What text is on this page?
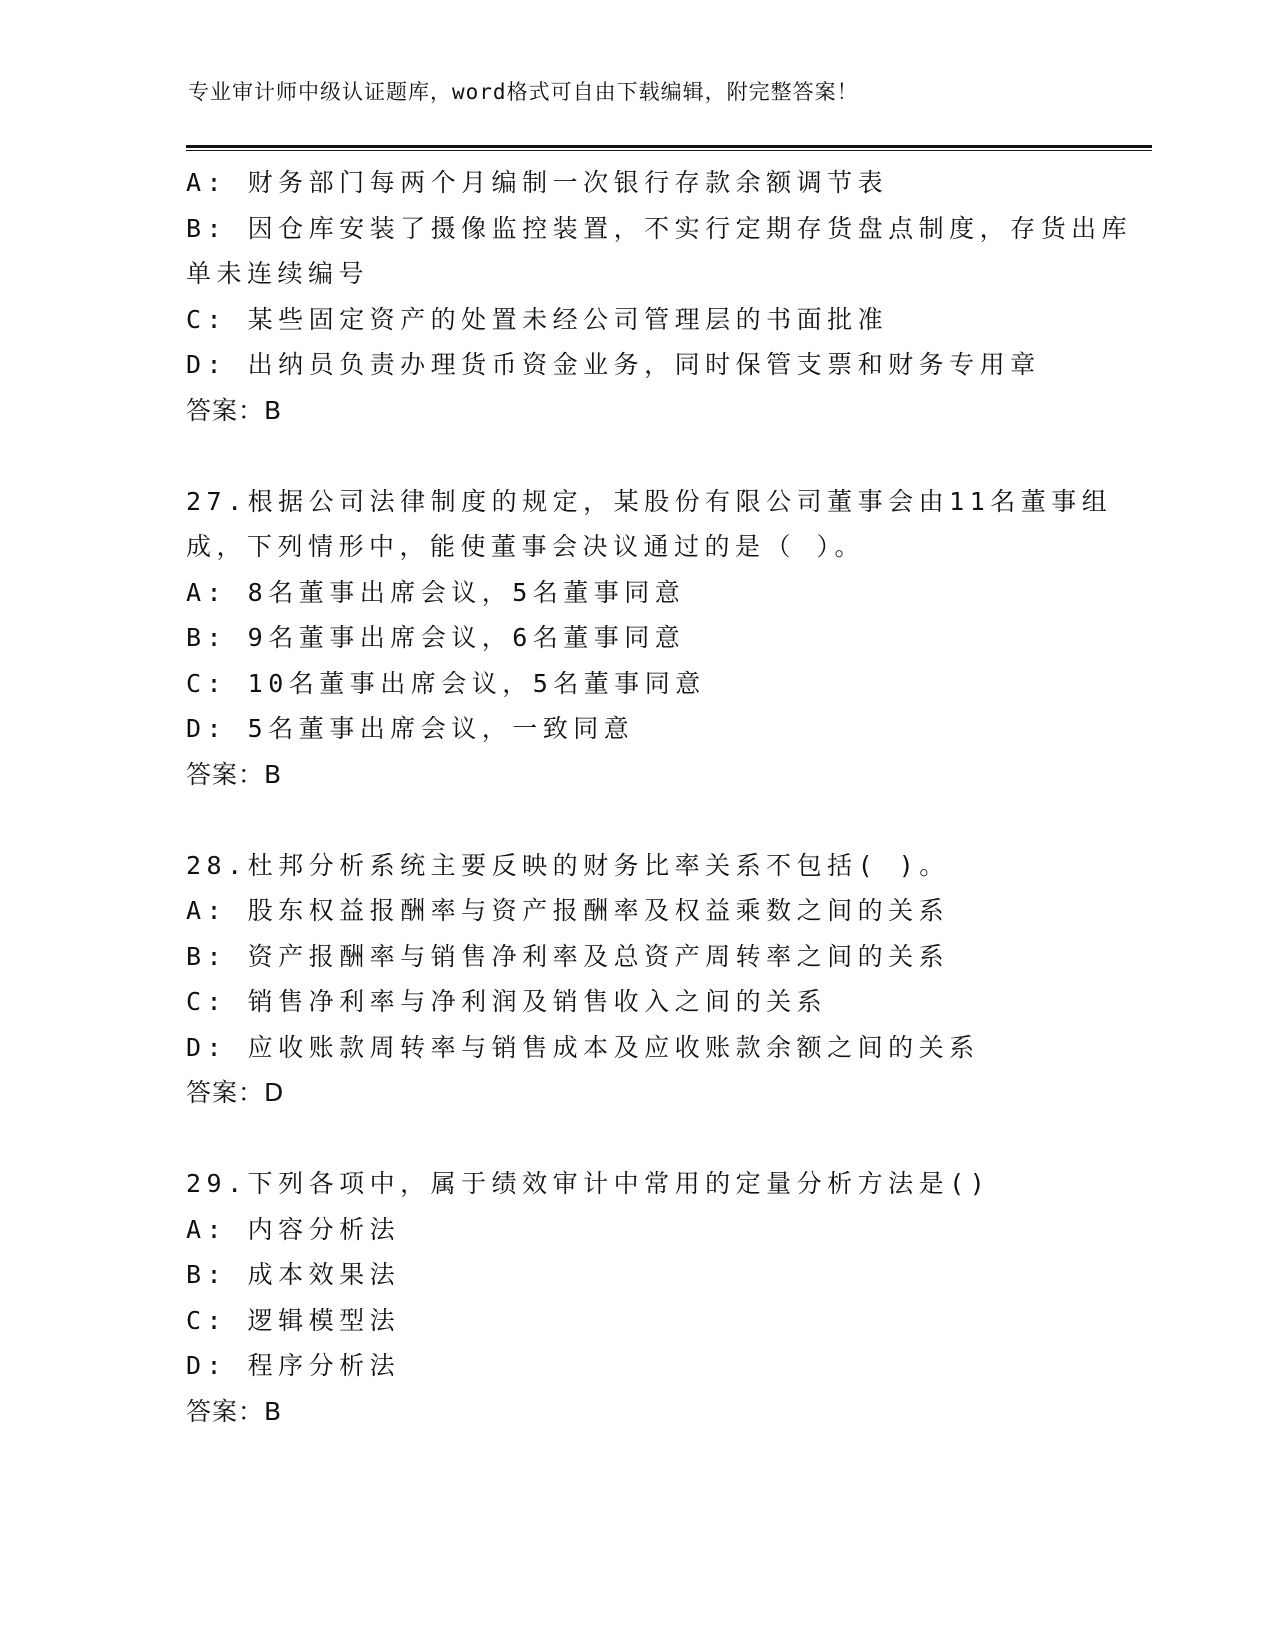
专业审计师中级认证题库，word格式可自由下载编辑，附完整答案！
A: 财务部门每两个月编制一次银行存款余额调节表
B: 因仓库安装了摄像监控装置，不实行定期存货盘点制度，存货出库
单未连续编号
C: 某些固定资产的处置未经公司管理层的书面批准
D: 出纳员负责办理货币资金业务，同时保管支票和财务专用章
答案：B
27.根据公司法律制度的规定，某股份有限公司董事会由11名董事组
成，下列情形中，能使董事会决议通过的是（ ）。
A: 8名董事出席会议，5名董事同意
B: 9名董事出席会议，6名董事同意
C: 10名董事出席会议，5名董事同意
D: 5名董事出席会议，一致同意
答案：B
28.杜邦分析系统主要反映的财务比率关系不包括( )。
A: 股东权益报酬率与资产报酬率及权益乘数之间的关系
B: 资产报酬率与销售净利率及总资产周转率之间的关系
C: 销售净利率与净利润及销售收入之间的关系
D: 应收账款周转率与销售成本及应收账款余额之间的关系
答案：D
29.下列各项中，属于绩效审计中常用的定量分析方法是()
A: 内容分析法
B: 成本效果法
C: 逻辑模型法
D: 程序分析法
答案：B
